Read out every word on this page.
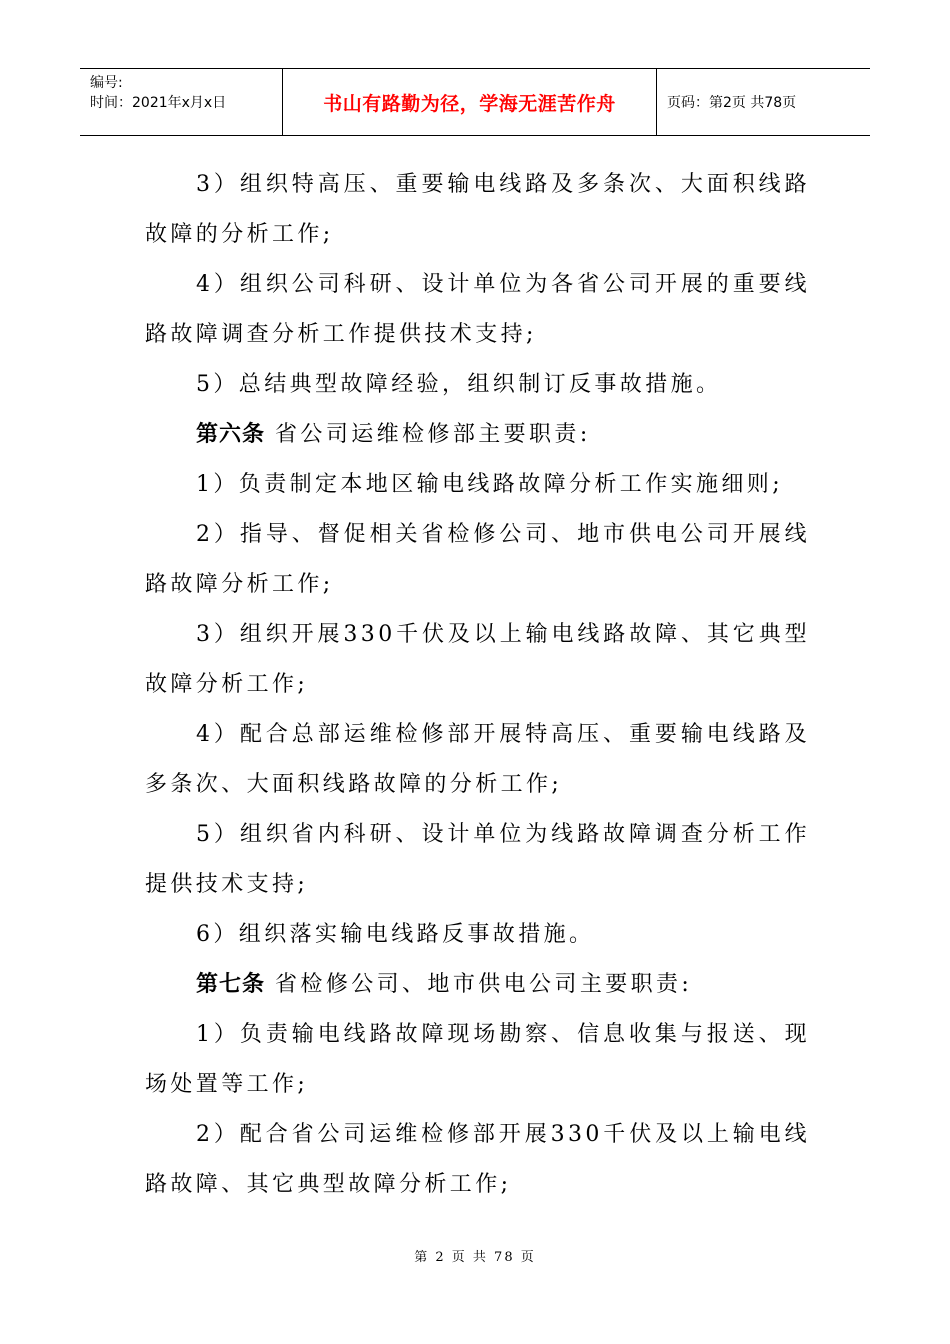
编号:
时间：2021年x月x日	书山有路勤为径，学海无涯苦作舟	页码：第2页 共78页

3）组织特高压、重要输电线路及多条次、大面积线路故障的分析工作;

4）组织公司科研、设计单位为各省公司开展的重要线路故障调查分析工作提供技术支持;

5）总结典型故障经验，组织制订反事故措施。

第六条 省公司运维检修部主要职责:

1）负责制定本地区输电线路故障分析工作实施细则;

2）指导、督促相关省检修公司、地市供电公司开展线路故障分析工作;

3）组织开展330千伏及以上输电线路故障、其它典型故障分析工作;

4）配合总部运维检修部开展特高压、重要输电线路及多条次、大面积线路故障的分析工作;

5）组织省内科研、设计单位为线路故障调查分析工作提供技术支持;

6）组织落实输电线路反事故措施。

第七条 省检修公司、地市供电公司主要职责:

1）负责输电线路故障现场勘察、信息收集与报送、现场处置等工作;

2）配合省公司运维检修部开展330千伏及以上输电线路故障、其它典型故障分析工作;

第 2 页 共 78 页
